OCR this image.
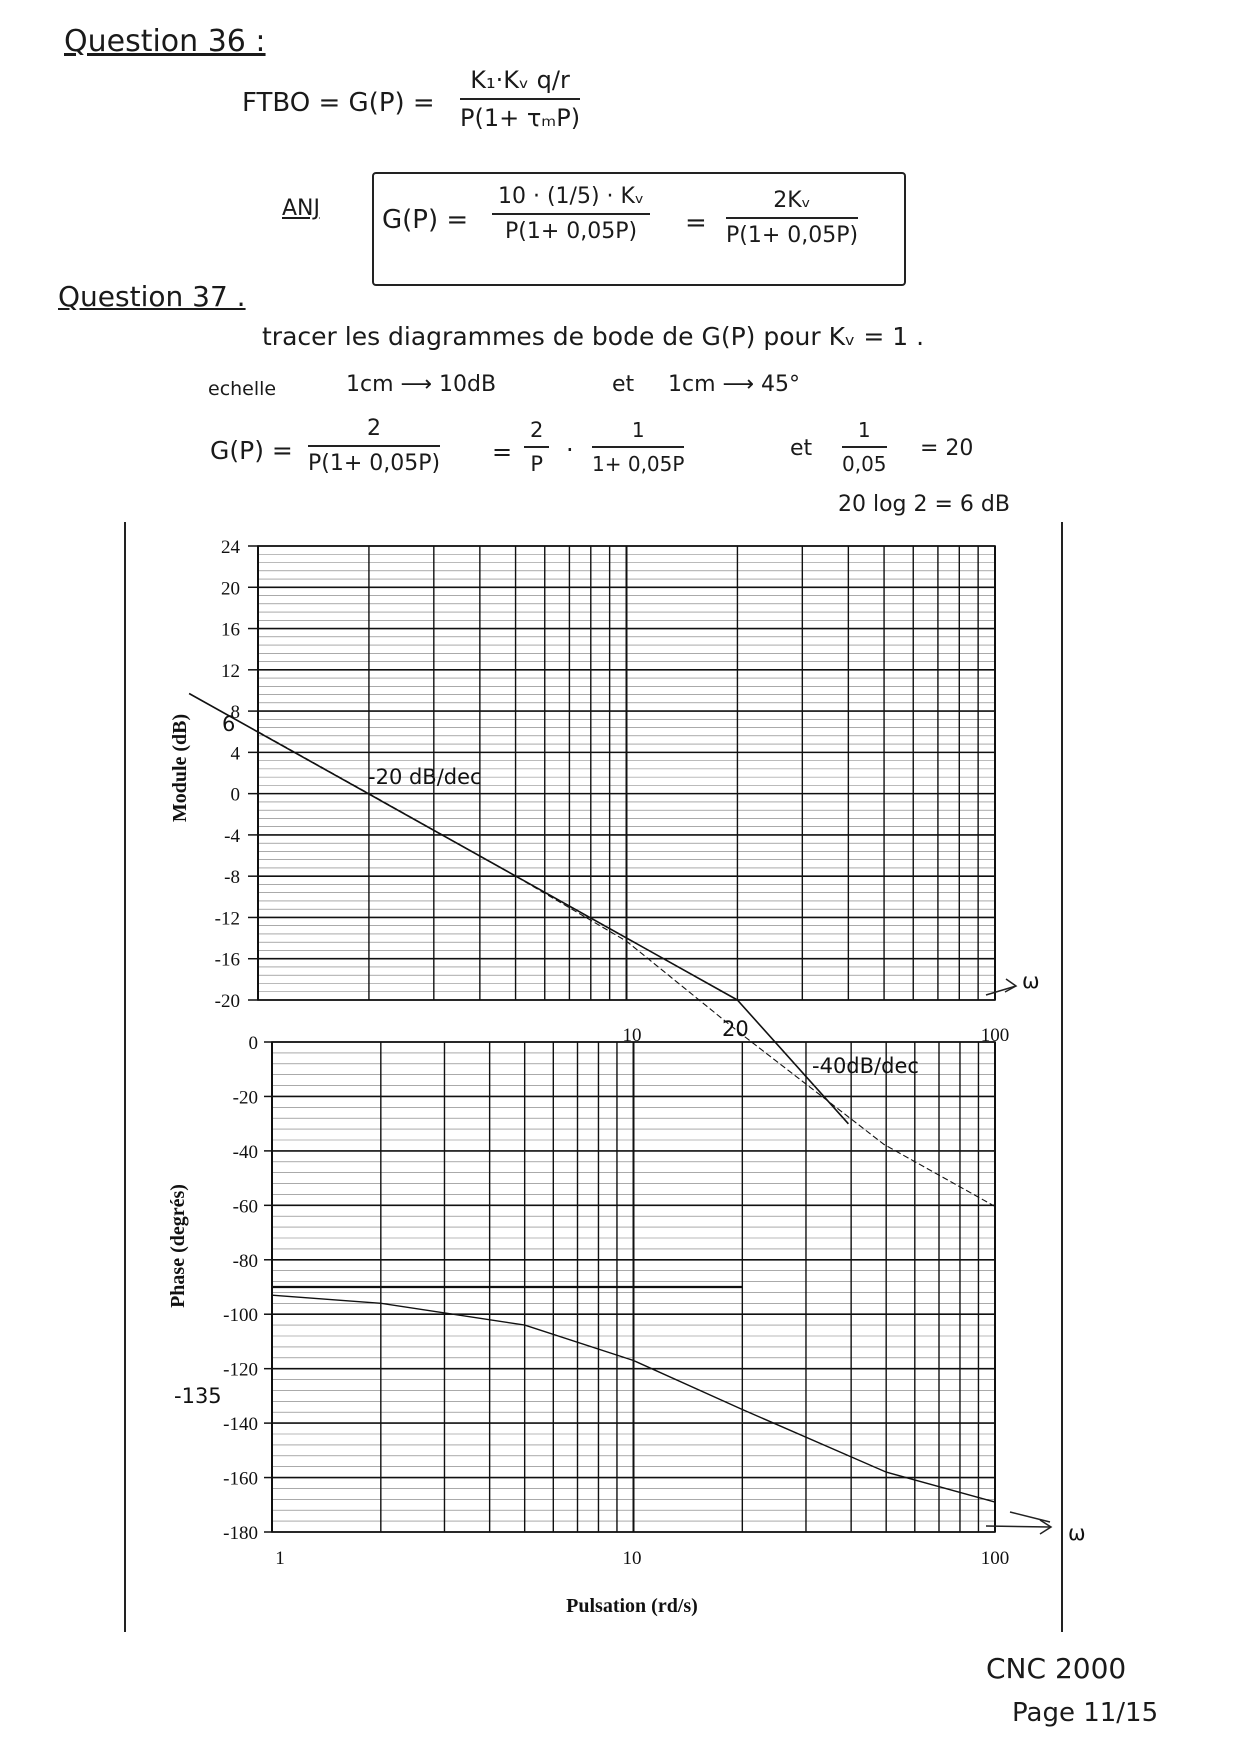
Question 36 :
FTBO = G(P) =
K₁·Kᵥ q/r
P(1+ τₘP)
ANJ $G(P) = \frac{\text{10 · (1/5) · Kᵥ}}{P(1+ 0,05P)} = \frac{\text{2Kᵥ}}{P(1+ 0,05P)}$
Question 37 .
tracer les diagrammes de bode de G(P) pour Kᵥ = 1 .
echelle	1cm ⟶ 10dB	et 1cm ⟶ 45°
$G(P) = \frac{2}{P(1+ 0,05P)} = \frac{2}{P} \cdot \frac{1}{1+ 0,05P}$	et $\frac{1}{0,05} = 20$
20 log 2 = 6 dB
24
20
16
12
8
4
0
-4
-8
-12
-16
-20
0
-20
-40
-60
-80
-100
-120
-140
-160
-180
Module (dB)
Phase (degrés)
10	100
1	10	100
Pulsation (rd/s)
6
-20 dB/dec
20
-40dB/dec
ω
-135
ω
CNC 2000
Page 11/15
